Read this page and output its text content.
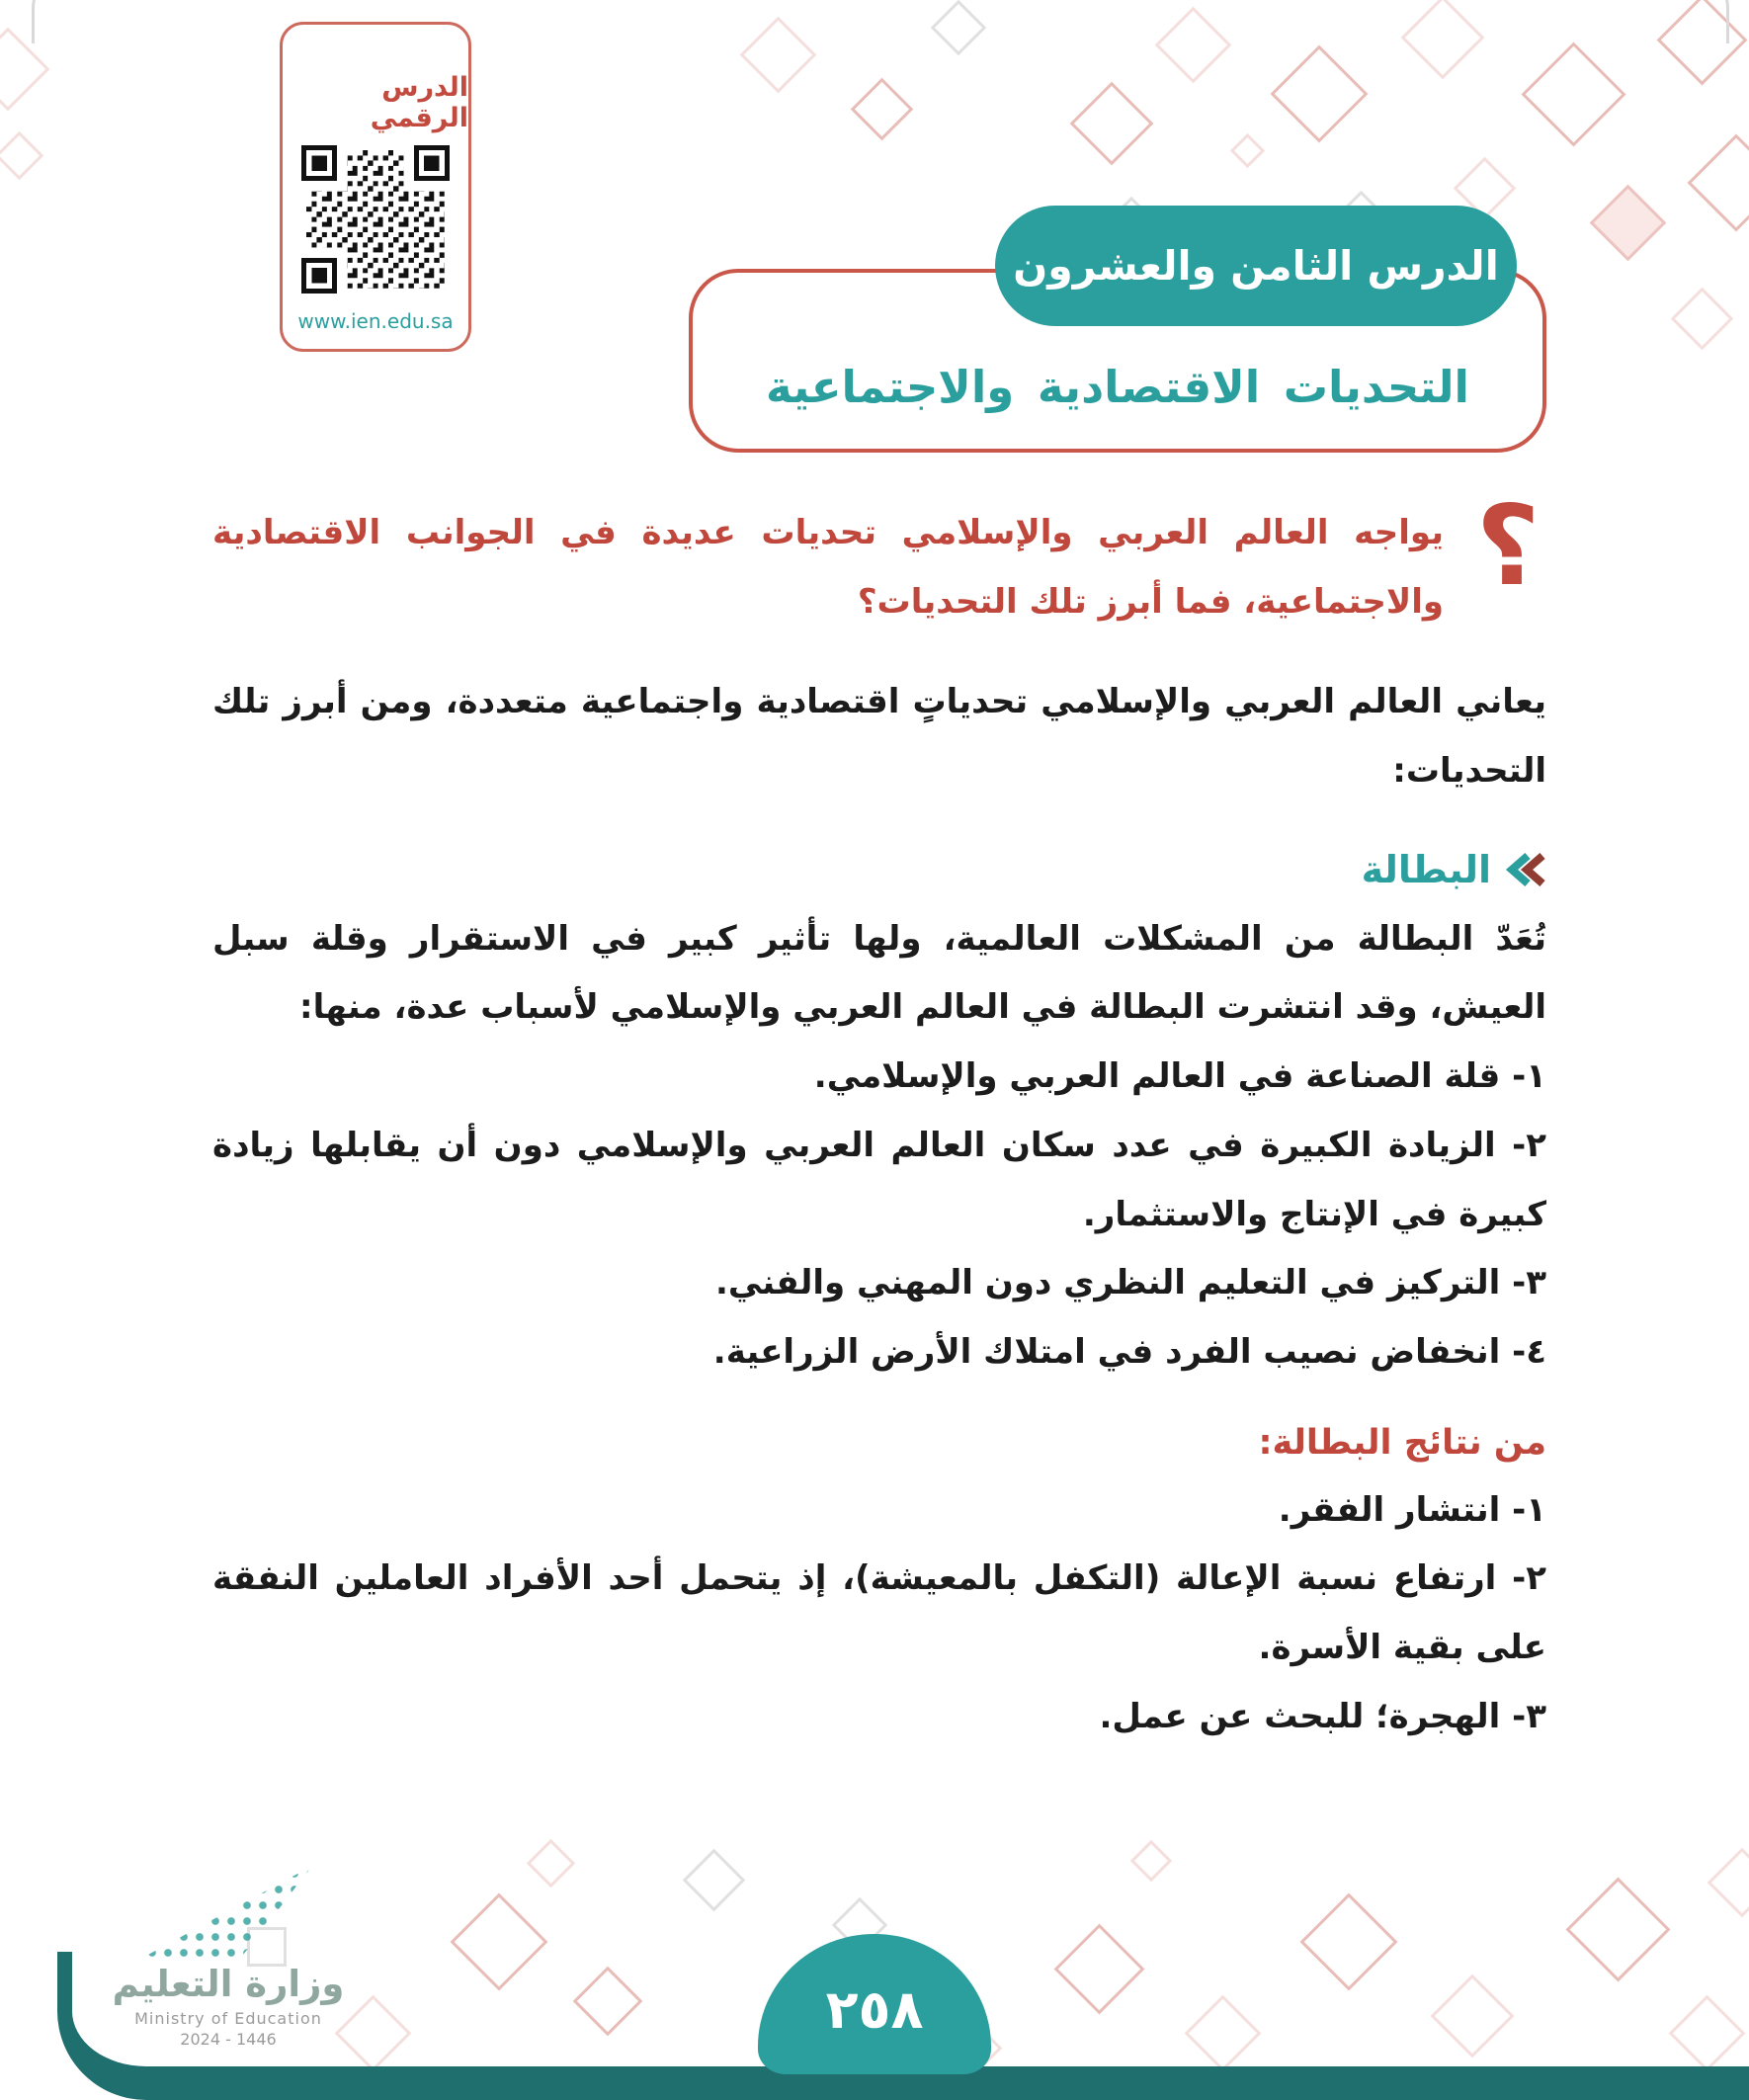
الدرس الرقمي
www.ien.edu.sa
التحديات الاقتصادية والاجتماعية
الدرس الثامن والعشرون
؟

يواجه العالم العربي والإسلامي تحديات عديدة في الجوانب الاقتصادية والاجتماعية، فما أبرز تلك التحديات؟

يعاني العالم العربي والإسلامي تحدياتٍ اقتصادية واجتماعية متعددة، ومن أبرز تلك التحديات:

البطالة

تُعَدّ البطالة من المشكلات العالمية، ولها تأثير كبير في الاستقرار وقلة سبل العيش، وقد انتشرت البطالة في العالم العربي والإسلامي لأسباب عدة، منها:

١- قلة الصناعة في العالم العربي والإسلامي.

٢- الزيادة الكبيرة في عدد سكان العالم العربي والإسلامي دون أن يقابلها زيادة كبيرة في الإنتاج والاستثمار.

٣- التركيز في التعليم النظري دون المهني والفني.

٤- انخفاض نصيب الفرد في امتلاك الأرض الزراعية.

من نتائج البطالة:

١- انتشار الفقر.

٢- ارتفاع نسبة الإعالة (التكفل بالمعيشة)، إذ يتحمل أحد الأفراد العاملين النفقة على بقية الأسرة.

٣- الهجرة؛ للبحث عن عمل.

وزارة التعليم
Ministry of Education
2024 - 1446	٢٥٨
